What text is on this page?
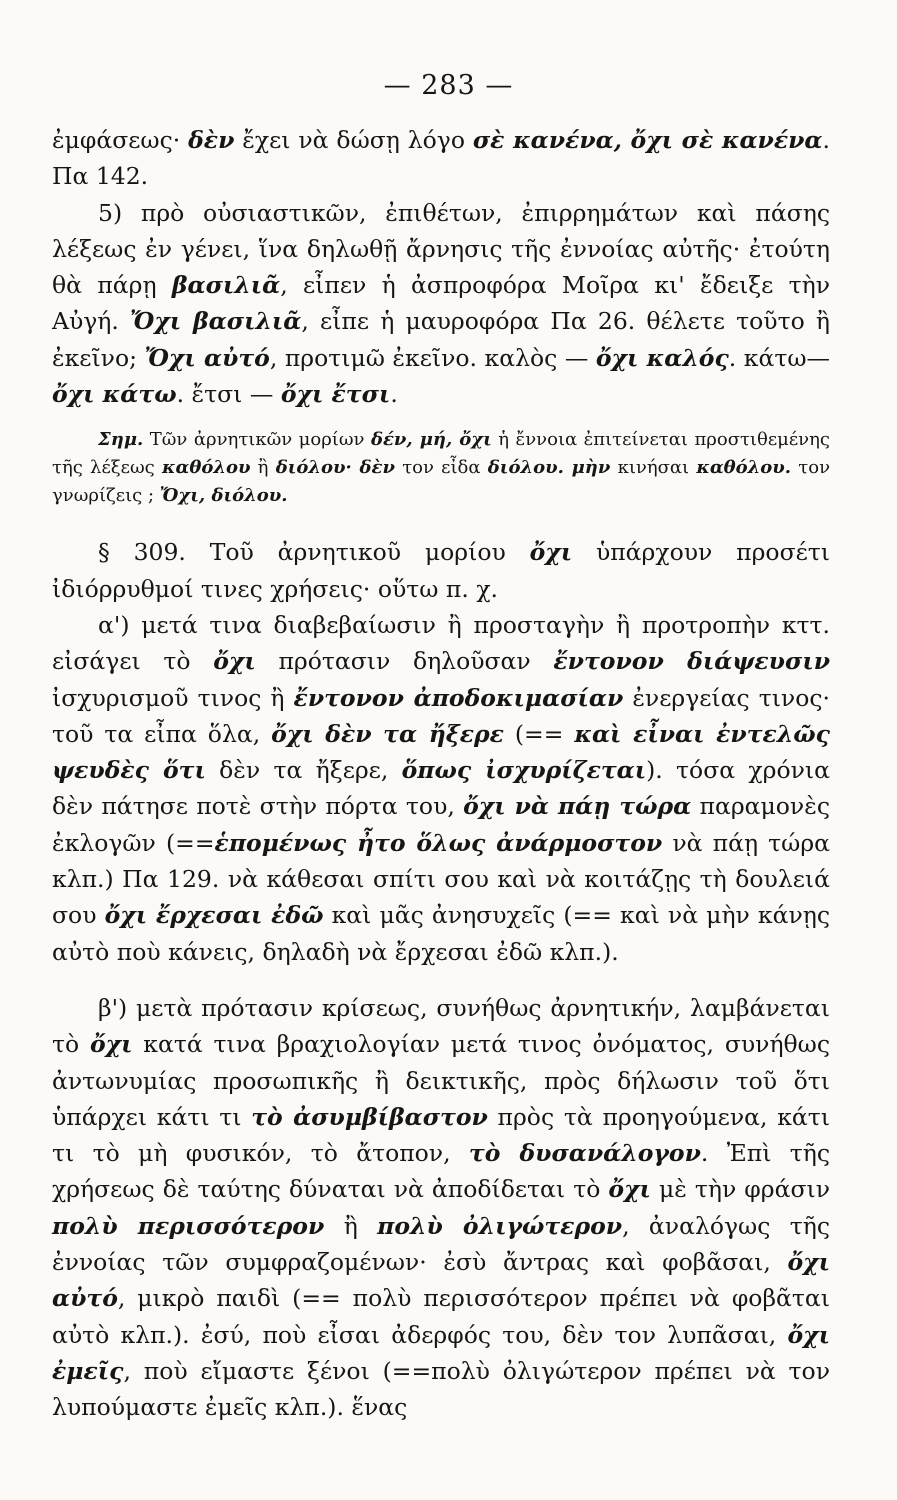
— 283 —

ἐμφάσεως· δὲν ἔχει νὰ δώσῃ λόγο σὲ κανένα, ὄχι σὲ κανένα. Πα 142.

5) πρὸ οὐσιαστικῶν, ἐπιθέτων, ἐπιρρημάτων καὶ πάσης λέξεως ἐν γένει, ἵνα δηλωθῇ ἄρνησις τῆς ἐννοίας αὐτῆς· ἐτούτη θὰ πάρῃ βασιλιᾶ, εἶπεν ἡ ἀσπροφόρα Μοῖρα κι' ἔδειξε τὴν Αὐγή. Ὄχι βασιλιᾶ, εἶπε ἡ μαυροφόρα Πα 26. θέλετε τοῦτο ἢ ἐκεῖνο; Ὄχι αὐτό, προτιμῶ ἐκεῖνο. καλὸς — ὄχι καλός. κάτω—ὄχι κάτω. ἔτσι — ὄχι ἔτσι.

Σημ. Τῶν ἀρνητικῶν μορίων δέν, μή, ὄχι ἡ ἔννοια ἐπιτείνεται προστιθεμένης τῆς λέξεως καθόλου ἢ διόλου· δὲν τον εἶδα διόλου. μὴν κινήσαι καθόλου. τον γνωρίζεις ; Ὄχι, διόλου.

§ 309. Τοῦ ἀρνητικοῦ μορίου ὄχι ὑπάρχουν προσέτι ἰδιόρρυθμοί τινες χρήσεις· οὕτω π. χ.

α') μετά τινα διαβεβαίωσιν ἢ προσταγὴν ἢ προτροπὴν κττ. εἰσάγει τὸ ὄχι πρότασιν δηλοῦσαν ἔντονον διάψευσιν ἰσχυρισμοῦ τινος ἢ ἔντονον ἀποδοκιμασίαν ἐνεργείας τινος· τοῦ τα εἶπα ὅλα, ὄχι δὲν τα ἤξερε (== καὶ εἶναι ἐντελῶς ψευδὲς ὅτι δὲν τα ἤξερε, ὅπως ἰσχυρίζεται). τόσα χρόνια δὲν πάτησε ποτὲ στὴν πόρτα του, ὄχι νὰ πάῃ τώρα παραμονὲς ἐκλογῶν (==ἑπομένως ἦτο ὅλως ἀνάρμοστον νὰ πάῃ τώρα κλπ.) Πα 129. νὰ κάθεσαι σπίτι σου καὶ νὰ κοιτάζῃς τὴ δουλειά σου ὄχι ἔρχεσαι ἐδῶ καὶ μᾶς ἀνησυχεῖς (== καὶ νὰ μὴν κάνῃς αὐτὸ ποὺ κάνεις, δηλαδὴ νὰ ἔρχεσαι ἐδῶ κλπ.).

β') μετὰ πρότασιν κρίσεως, συνήθως ἀρνητικήν, λαμβάνεται τὸ ὄχι κατά τινα βραχιολογίαν μετά τινος ὀνόματος, συνήθως ἀντωνυμίας προσωπικῆς ἢ δεικτικῆς, πρὸς δήλωσιν τοῦ ὅτι ὑπάρχει κάτι τι τὸ ἀσυμβίβαστον πρὸς τὰ προηγούμενα, κάτι τι τὸ μὴ φυσικόν, τὸ ἄτοπον, τὸ δυσανάλογον. Ἐπὶ τῆς χρήσεως δὲ ταύτης δύναται νὰ ἀποδίδεται τὸ ὄχι μὲ τὴν φράσιν πολὺ περισσότερον ἢ πολὺ ὀλιγώτερον, ἀναλόγως τῆς ἐννοίας τῶν συμφραζομένων· ἐσὺ ἄντρας καὶ φοβᾶσαι, ὄχι αὐτό, μικρὸ παιδὶ (== πολὺ περισσότερον πρέπει νὰ φοβᾶται αὐτὸ κλπ.). ἐσύ, ποὺ εἶσαι ἀδερφός του, δὲν τον λυπᾶσαι, ὄχι ἐμεῖς, ποὺ εἴμαστε ξένοι (==πολὺ ὀλιγώτερον πρέπει νὰ τον λυπούμαστε ἐμεῖς κλπ.). ἕνας
